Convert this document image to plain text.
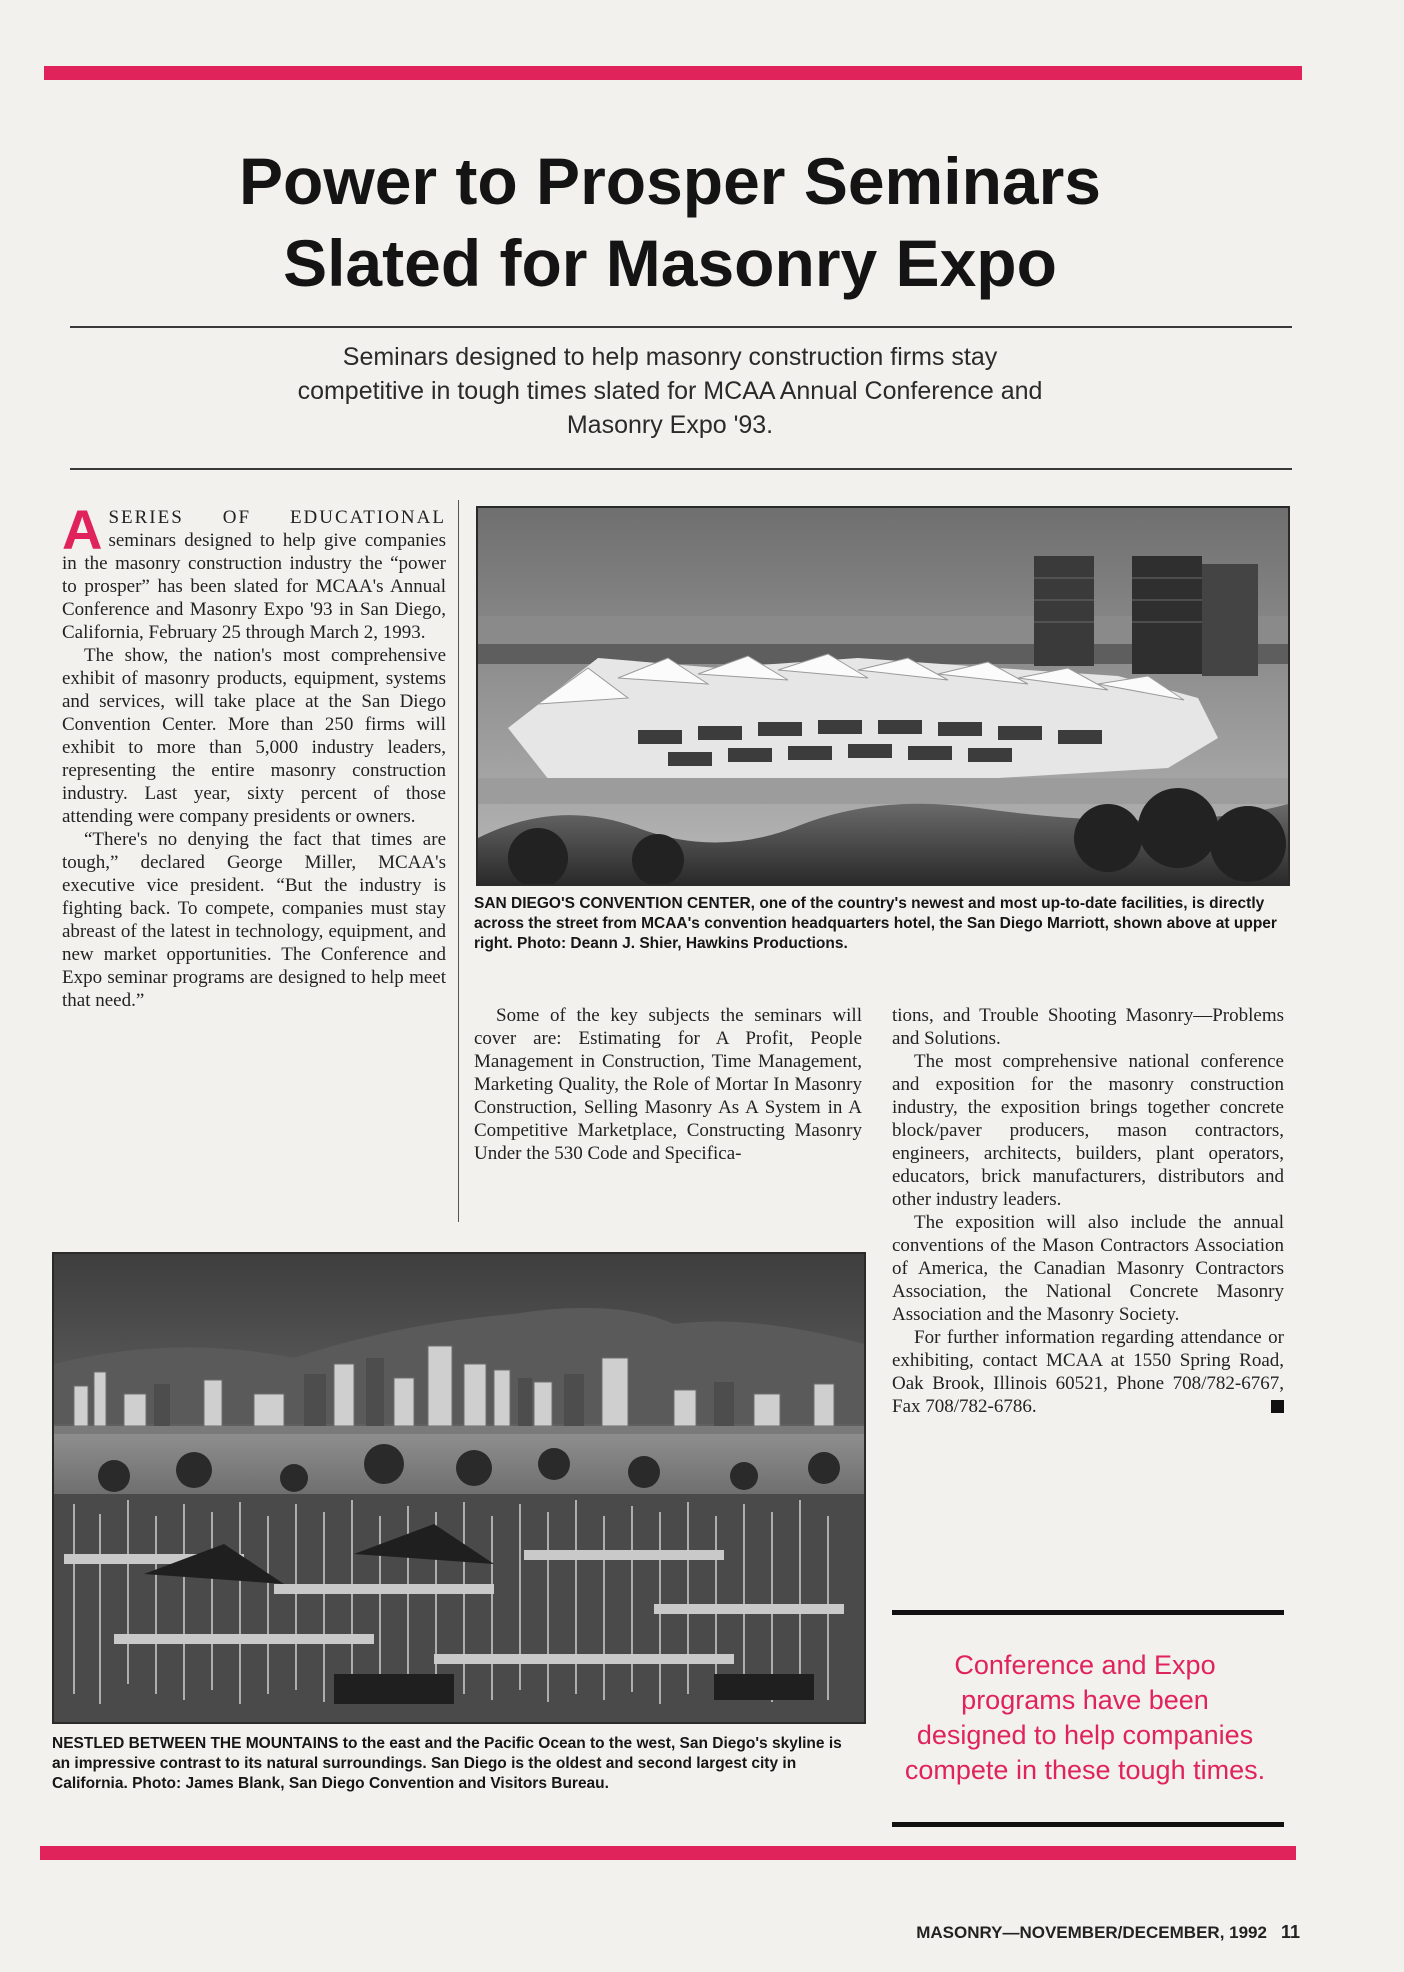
Power to Prosper Seminars
Slated for Masonry Expo
Seminars designed to help masonry construction firms stay
competitive in tough times slated for MCAA Annual Conference and
Masonry Expo '93.

ASERIES OF EDUCATIONAL seminars designed to help give companies in the masonry construction industry the “power to prosper” has been slated for MCAA's Annual Conference and Masonry Expo '93 in San Diego, California, February 25 through March 2, 1993.

The show, the nation's most comprehensive exhibit of masonry products, equipment, systems and services, will take place at the San Diego Convention Center. More than 250 firms will exhibit to more than 5,000 industry leaders, representing the entire masonry construction industry. Last year, sixty percent of those attending were company presidents or owners.

“There's no denying the fact that times are tough,” declared George Miller, MCAA's executive vice president. “But the industry is fighting back. To compete, companies must stay abreast of the latest in technology, equipment, and new market opportunities. The Conference and Expo seminar programs are designed to help meet that need.”

SAN DIEGO'S CONVENTION CENTER, one of the country's newest and most up-to-date facilities, is directly across the street from MCAA's convention headquarters hotel, the San Diego Marriott, shown above at upper right. Photo: Deann J. Shier, Hawkins Productions.

Some of the key subjects the seminars will cover are: Estimating for A Profit, People Management in Construction, Time Management, Marketing Quality, the Role of Mortar In Masonry Construction, Selling Masonry As A System in A Competitive Marketplace, Constructing Masonry Under the 530 Code and Specifica-

tions, and Trouble Shooting Masonry—Problems and Solutions.

The most comprehensive national conference and exposition for the masonry construction industry, the exposition brings together concrete block/paver producers, mason contractors, engineers, architects, builders, plant operators, educators, brick manufacturers, distributors and other industry leaders.

The exposition will also include the annual conventions of the Mason Contractors Association of America, the Canadian Masonry Contractors Association, the National Concrete Masonry Association and the Masonry Society.

For further information regarding attendance or exhibiting, contact MCAA at 1550 Spring Road, Oak Brook, Illinois 60521, Phone 708/782-6767, Fax 708/782-6786.

NESTLED BETWEEN THE MOUNTAINS to the east and the Pacific Ocean to the west, San Diego's skyline is an impressive contrast to its natural surroundings. San Diego is the oldest and second largest city in California. Photo: James Blank, San Diego Convention and Visitors Bureau.
Conference and Expo
programs have been
designed to help companies
compete in these tough times.
MASONRY—NOVEMBER/DECEMBER, 1992 11
